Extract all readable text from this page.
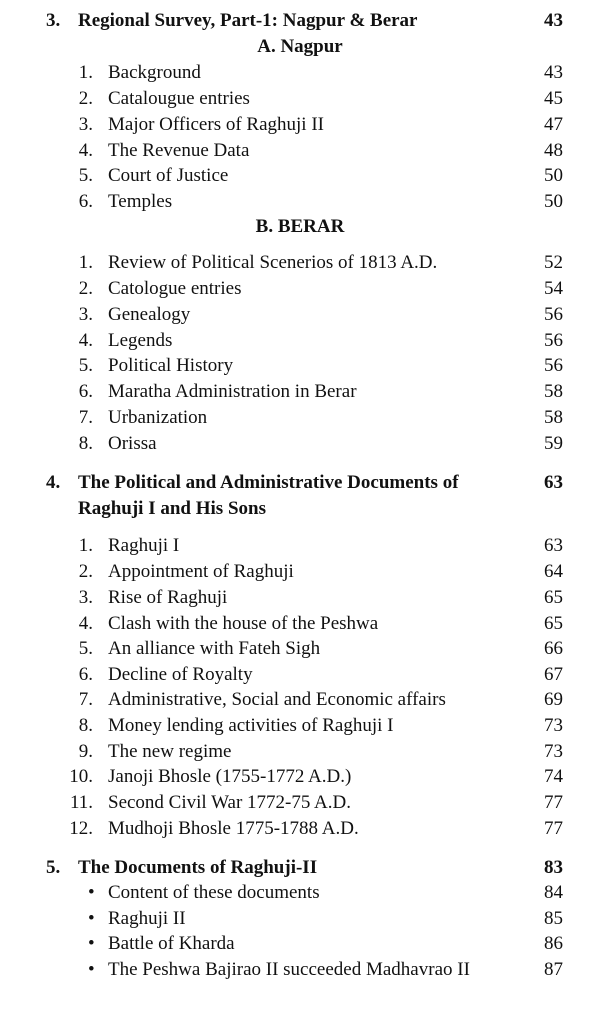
3. Regional Survey, Part-1: Nagpur & Berar	43
A. Nagpur
1. Background	43
2. Catalougue entries	45
3. Major Officers of Raghuji II	47
4. The Revenue Data	48
5. Court of Justice	50
6. Temples	50
B. BERAR
1. Review of Political Scenerios of 1813 A.D.	52
2. Catologue entries	54
3. Genealogy	56
4. Legends	56
5. Political History	56
6. Maratha Administration in Berar	58
7. Urbanization	58
8. Orissa	59
4. The Political and Administrative Documents of	63
Raghuji I and His Sons
1. Raghuji I	63
2. Appointment of Raghuji	64
3. Rise of Raghuji	65
4. Clash with the house of the Peshwa	65
5. An alliance with Fateh Sigh	66
6. Decline of Royalty	67
7. Administrative, Social and Economic affairs	69
8. Money lending activities of Raghuji I	73
9. The new regime	73
10. Janoji Bhosle (1755-1772 A.D.)	74
11. Second Civil War 1772-75 A.D.	77
12. Mudhoji Bhosle 1775-1788 A.D.	77
5. The Documents of Raghuji-II	83
• Content of these documents	84
• Raghuji II	85
• Battle of Kharda	86
• The Peshwa Bajirao II succeeded Madhavrao II	87
